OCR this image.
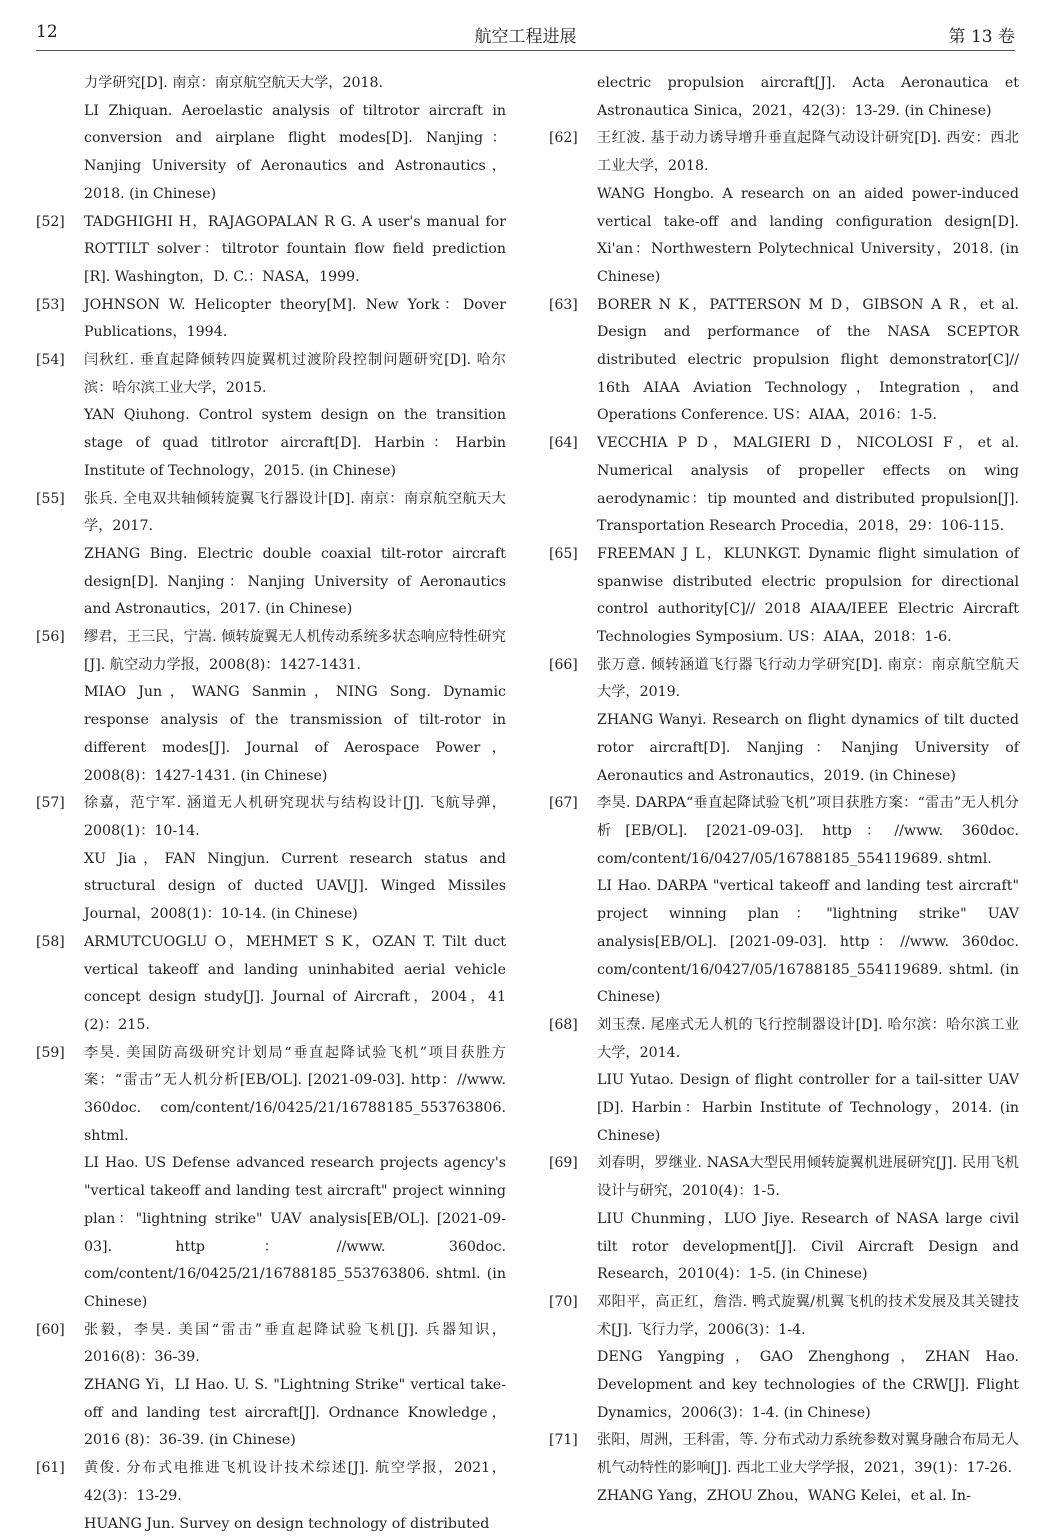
12	航空工程进展	第 13 卷

力学研究[D]. 南京：南京航空航天大学，2018.

LI Zhiquan. Aeroelastic analysis of tiltrotor aircraft in conversion and airplane flight modes[D]. Nanjing：Nanjing University of Aeronautics and Astronautics，2018. (in Chinese)

[52] TADGHIGHI H，RAJAGOPALAN R G. A user's manual for ROTTILT solver：tiltrotor fountain flow field prediction [R]. Washington，D. C.：NASA，1999.

[53] JOHNSON W. Helicopter theory[M]. New York：Dover Publications，1994.

[54] 闫秋红. 垂直起降倾转四旋翼机过渡阶段控制问题研究[D]. 哈尔滨：哈尔滨工业大学，2015.

YAN Qiuhong. Control system design on the transition stage of quad titlrotor aircraft[D]. Harbin：Harbin Institute of Technology，2015. (in Chinese)

[55] 张兵. 全电双共轴倾转旋翼飞行器设计[D]. 南京：南京航空航天大学，2017.

ZHANG Bing. Electric double coaxial tilt-rotor aircraft design[D]. Nanjing：Nanjing University of Aeronautics and Astronautics，2017. (in Chinese)

[56] 缪君，王三民，宁嵩. 倾转旋翼无人机传动系统多状态响应特性研究[J]. 航空动力学报，2008(8)：1427-1431.

MIAO Jun，WANG Sanmin，NING Song. Dynamic response analysis of the transmission of tilt-rotor in different modes[J]. Journal of Aerospace Power，2008(8)：1427-1431. (in Chinese)

[57] 徐嘉，范宁军. 涵道无人机研究现状与结构设计[J]. 飞航导弹，2008(1)：10-14.

XU Jia，FAN Ningjun. Current research status and structural design of ducted UAV[J]. Winged Missiles Journal，2008(1)：10-14. (in Chinese)

[58] ARMUTCUOGLU O，MEHMET S K，OZAN T. Tilt duct vertical takeoff and landing uninhabited aerial vehicle concept design study[J]. Journal of Aircraft，2004，41 (2)：215.

[59] 李昊. 美国防高级研究计划局“垂直起降试验飞机”项目获胜方案：“雷击”无人机分析[EB/OL]. [2021-09-03]. http：//www. 360doc. com/content/16/0425/21/16788185_553763806. shtml.

LI Hao. US Defense advanced research projects agency's "vertical takeoff and landing test aircraft" project winning plan："lightning strike" UAV analysis[EB/OL]. [2021-09-03]. http：//www. 360doc. com/content/16/0425/21/16788185_553763806. shtml. (in Chinese)

[60] 张毅，李昊. 美国“雷击”垂直起降试验飞机[J]. 兵器知识，2016(8)：36-39.

ZHANG Yi，LI Hao. U. S. "Lightning Strike" vertical take-off and landing test aircraft[J]. Ordnance Knowledge，2016 (8)：36-39. (in Chinese)

[61] 黄俊. 分布式电推进飞机设计技术综述[J]. 航空学报，2021，42(3)：13-29.

HUANG Jun. Survey on design technology of distributed

electric propulsion aircraft[J]. Acta Aeronautica et Astronautica Sinica，2021，42(3)：13-29. (in Chinese)

[62] 王红波. 基于动力诱导增升垂直起降气动设计研究[D]. 西安：西北工业大学，2018.

WANG Hongbo. A research on an aided power-induced vertical take-off and landing configuration design[D]. Xi'an：Northwestern Polytechnical University，2018. (in Chinese)

[63] BORER N K，PATTERSON M D，GIBSON A R，et al. Design and performance of the NASA SCEPTOR distributed electric propulsion flight demonstrator[C]// 16th AIAA Aviation Technology，Integration，and Operations Conference. US：AIAA，2016：1-5.

[64] VECCHIA P D，MALGIERI D，NICOLOSI F，et al. Numerical analysis of propeller effects on wing aerodynamic：tip mounted and distributed propulsion[J]. Transportation Research Procedia，2018，29：106-115.

[65] FREEMAN J L，KLUNKGT. Dynamic flight simulation of spanwise distributed electric propulsion for directional control authority[C]// 2018 AIAA/IEEE Electric Aircraft Technologies Symposium. US：AIAA，2018：1-6.

[66] 张万意. 倾转涵道飞行器飞行动力学研究[D]. 南京：南京航空航天大学，2019.

ZHANG Wanyi. Research on flight dynamics of tilt ducted rotor aircraft[D]. Nanjing：Nanjing University of Aeronautics and Astronautics，2019. (in Chinese)

[67] 李昊. DARPA“垂直起降试验飞机”项目获胜方案：“雷击”无人机分析[EB/OL]. [2021-09-03]. http：//www. 360doc. com/content/16/0427/05/16788185_554119689. shtml.

LI Hao. DARPA "vertical takeoff and landing test aircraft" project winning plan："lightning strike" UAV analysis[EB/OL]. [2021-09-03]. http：//www. 360doc. com/content/16/0427/05/16788185_554119689. shtml. (in Chinese)

[68] 刘玉焘. 尾座式无人机的飞行控制器设计[D]. 哈尔滨：哈尔滨工业大学，2014.

LIU Yutao. Design of flight controller for a tail-sitter UAV [D]. Harbin：Harbin Institute of Technology，2014. (in Chinese)

[69] 刘春明，罗继业. NASA大型民用倾转旋翼机进展研究[J]. 民用飞机设计与研究，2010(4)：1-5.

LIU Chunming，LUO Jiye. Research of NASA large civil tilt rotor development[J]. Civil Aircraft Design and Research，2010(4)：1-5. (in Chinese)

[70] 邓阳平，高正红，詹浩. 鸭式旋翼/机翼飞机的技术发展及其关键技术[J]. 飞行力学，2006(3)：1-4.

DENG Yangping，GAO Zhenghong，ZHAN Hao. Development and key technologies of the CRW[J]. Flight Dynamics，2006(3)：1-4. (in Chinese)

[71] 张阳，周洲，王科雷，等. 分布式动力系统参数对翼身融合布局无人机气动特性的影响[J]. 西北工业大学学报，2021，39(1)：17-26.

ZHANG Yang，ZHOU Zhou，WANG Kelei，et al. In-
